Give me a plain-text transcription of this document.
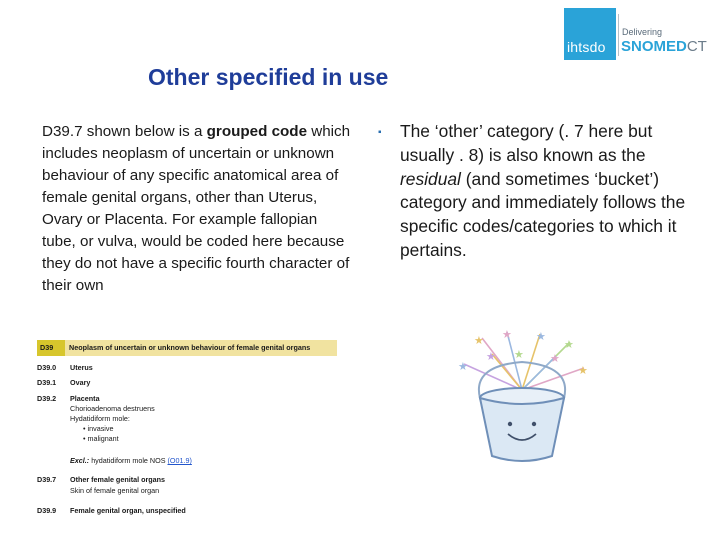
ihtsdo
Delivering
SNOMEDCT
Other specified in use
D39.7 shown below is a grouped code which includes neoplasm of uncertain or unknown behaviour of any specific anatomical area of female genital organs, other than Uterus, Ovary or Placenta. For example fallopian tube, or vulva, would be coded here because they do not have a specific fourth character of their own
▪ The ‘other’ category (. 7 here but usually . 8) is also known as the residual (and sometimes ‘bucket’) category and immediately follows the specific codes/categories to which it pertains.
D39	Neoplasm of uncertain or unknown behaviour of female genital organs
D39.0	Uterus
D39.1	Ovary
D39.2	Placenta
Chorioadenoma destruens
Hydatidiform mole:
• invasive
• malignant
Excl.: hydatidiform mole NOS (O01.9)
D39.7	Other female genital organs
Skin of female genital organ
D39.9	Female genital organ, unspecified
★ ★ ★
★
★	★
★	★
★
